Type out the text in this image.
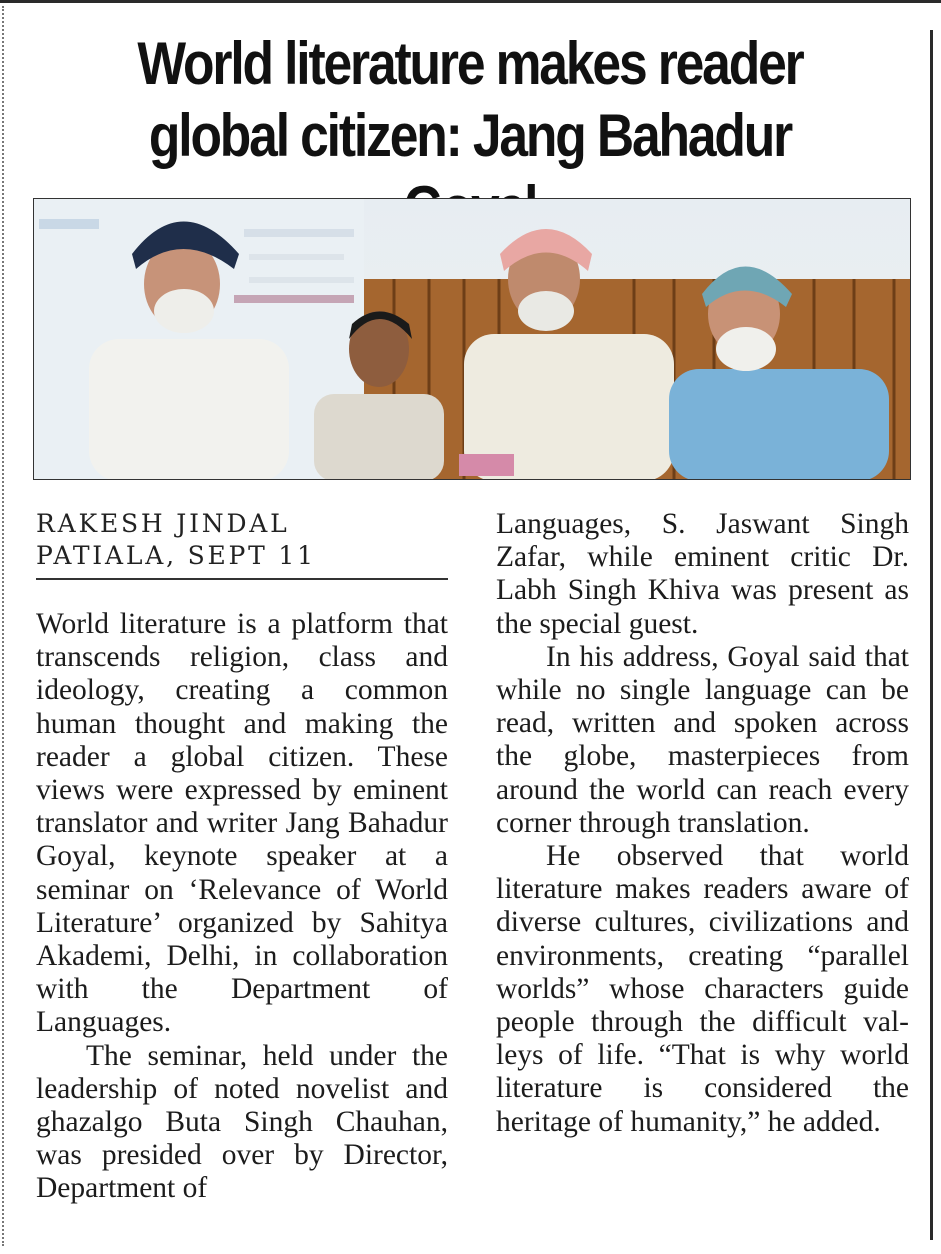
World literature makes reader
global citizen: Jang Bahadur

RAKESH JINDAL

PATIALA, SEPT 11

World literature is a platform that transcends religion, class and ideology, creating a common human thought and making the reader a global citizen. These views were expressed by eminent translator and writer Jang Bahadur Goyal, keynote speaker at a seminar on ‘Relevance of World Literature’ organized by Sahitya Akademi, Delhi, in collaboration with the Department of Languages.

The seminar, held under the leadership of noted novelist and ghazalgo Buta Singh Chauhan, was presided over by Director, Department of

Languages, S. Jaswant Singh Zafar, while eminent critic Dr. Labh Singh Khiva was present as the special guest.

In his address, Goyal said that while no single language can be read, written and spoken across the globe, masterpieces from around the world can reach every corner through translation.

He observed that world literature makes readers aware of diverse cultures, civilizations and environments, creating “parallel worlds” whose characters guide people through the difficult valleys of life. “That is why world literature is considered the heritage of humanity,” he added.
